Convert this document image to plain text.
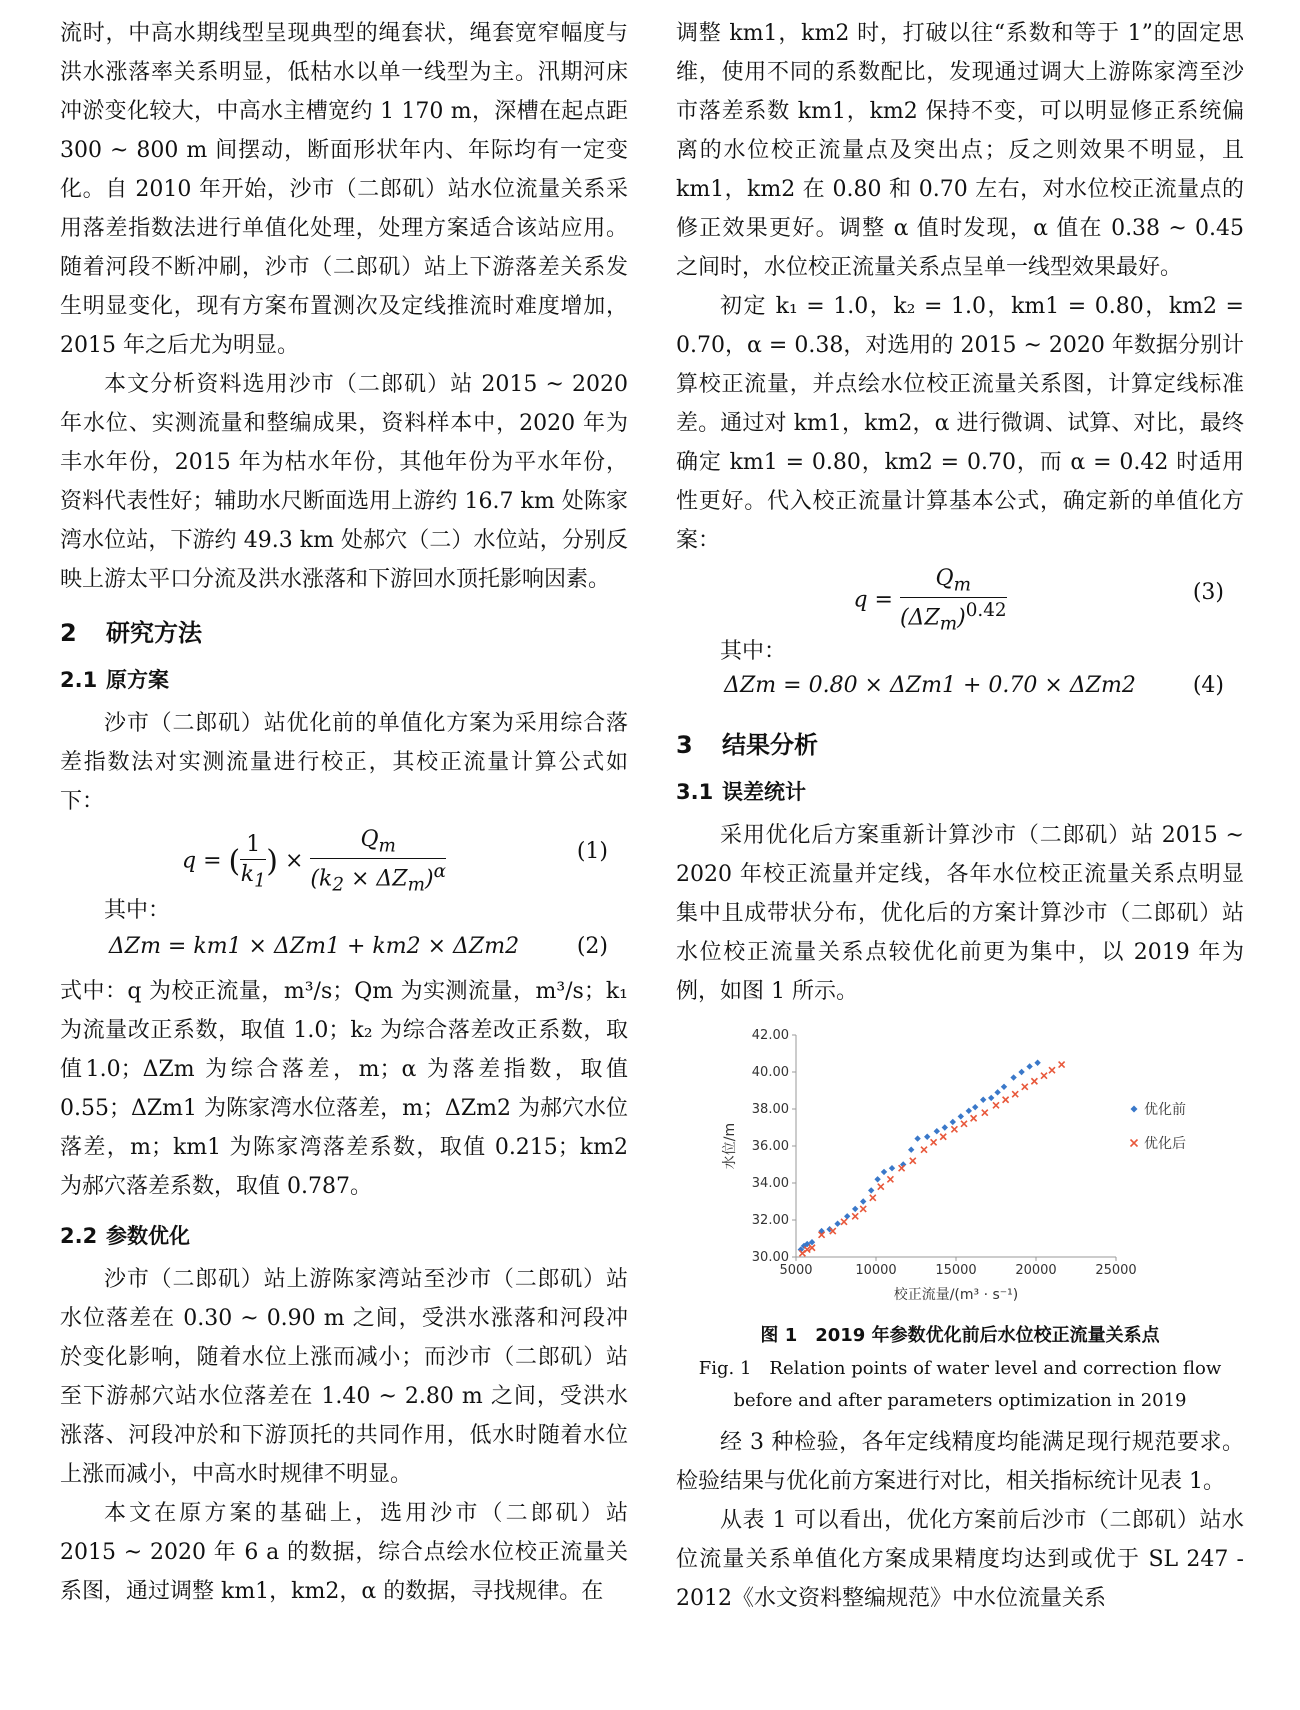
流时，中高水期线型呈现典型的绳套状，绳套宽窄幅度与洪水涨落率关系明显，低枯水以单一线型为主。汛期河床冲淤变化较大，中高水主槽宽约 1 170 m，深槽在起点距 300 ~ 800 m 间摆动，断面形状年内、年际均有一定变化。自 2010 年开始，沙市（二郎矶）站水位流量关系采用落差指数法进行单值化处理，处理方案适合该站应用。随着河段不断冲刷，沙市（二郎矶）站上下游落差关系发生明显变化，现有方案布置测次及定线推流时难度增加，2015 年之后尤为明显。

本文分析资料选用沙市（二郎矶）站 2015 ~ 2020 年水位、实测流量和整编成果，资料样本中，2020 年为丰水年份，2015 年为枯水年份，其他年份为平水年份，资料代表性好；辅助水尺断面选用上游约 16.7 km 处陈家湾水位站，下游约 49.3 km 处郝穴（二）水位站，分别反映上游太平口分流及洪水涨落和下游回水顶托影响因素。

2 研究方法
2.1 原方案

沙市（二郎矶）站优化前的单值化方案为采用综合落差指数法对实测流量进行校正，其校正流量计算公式如下：

q = ( $\frac{1}{k_1}$ ) × $\frac{Q_m}{(k_2 \times \Delta Z_m)^\alpha}$	(1)

其中：

ΔZm = km1 × ΔZm1 + km2 × ΔZm2	(2)

式中：q 为校正流量，m³/s；Qm 为实测流量，m³/s；k₁ 为流量改正系数，取值 1.0；k₂ 为综合落差改正系数，取值1.0；ΔZm 为综合落差，m；α 为落差指数，取值0.55；ΔZm1 为陈家湾水位落差，m；ΔZm2 为郝穴水位落差，m；km1 为陈家湾落差系数，取值 0.215；km2 为郝穴落差系数，取值 0.787。

2.2 参数优化

沙市（二郎矶）站上游陈家湾站至沙市（二郎矶）站水位落差在 0.30 ~ 0.90 m 之间，受洪水涨落和河段冲於变化影响，随着水位上涨而减小；而沙市（二郎矶）站至下游郝穴站水位落差在 1.40 ~ 2.80 m 之间，受洪水涨落、河段冲於和下游顶托的共同作用，低水时随着水位上涨而减小，中高水时规律不明显。

本文在原方案的基础上，选用沙市（二郎矶）站 2015 ~ 2020 年 6 a 的数据，综合点绘水位校正流量关系图，通过调整 km1，km2，α 的数据，寻找规律。在

调整 km1，km2 时，打破以往“系数和等于 1”的固定思维，使用不同的系数配比，发现通过调大上游陈家湾至沙市落差系数 km1，km2 保持不变，可以明显修正系统偏离的水位校正流量点及突出点；反之则效果不明显，且 km1，km2 在 0.80 和 0.70 左右，对水位校正流量点的修正效果更好。调整 α 值时发现，α 值在 0.38 ~ 0.45 之间时，水位校正流量关系点呈单一线型效果最好。

初定 k₁ = 1.0，k₂ = 1.0，km1 = 0.80，km2 = 0.70，α = 0.38，对选用的 2015 ~ 2020 年数据分别计算校正流量，并点绘水位校正流量关系图，计算定线标准差。通过对 km1，km2，α 进行微调、试算、对比，最终确定 km1 = 0.80，km2 = 0.70，而 α = 0.42 时适用性更好。代入校正流量计算基本公式，确定新的单值化方案：

$q = \frac{Q_m}{(\Delta Z_m)^{0.42}}$	(3)

其中：

ΔZm = 0.80 × ΔZm1 + 0.70 × ΔZm2	(4)
3 结果分析
3.1 误差统计

采用优化后方案重新计算沙市（二郎矶）站 2015 ~ 2020 年校正流量并定线，各年水位校正流量关系点明显集中且成带状分布，优化后的方案计算沙市（二郎矶）站水位校正流量关系点较优化前更为集中，以 2019 年为例，如图 1 所示。

30.00
32.00
34.00
36.00
38.00
40.00
42.00
5000	10000	15000	20000	25000
校正流量/(m³ · s⁻¹)
水位/m
优化前
优化后
图 1　2019 年参数优化前后水位校正流量关系点
Fig. 1　Relation points of water level and correction flow
before and after parameters optimization in 2019

经 3 种检验，各年定线精度均能满足现行规范要求。检验结果与优化前方案进行对比，相关指标统计见表 1。

从表 1 可以看出，优化方案前后沙市（二郎矶）站水位流量关系单值化方案成果精度均达到或优于 SL 247 - 2012《水文资料整编规范》中水位流量关系
